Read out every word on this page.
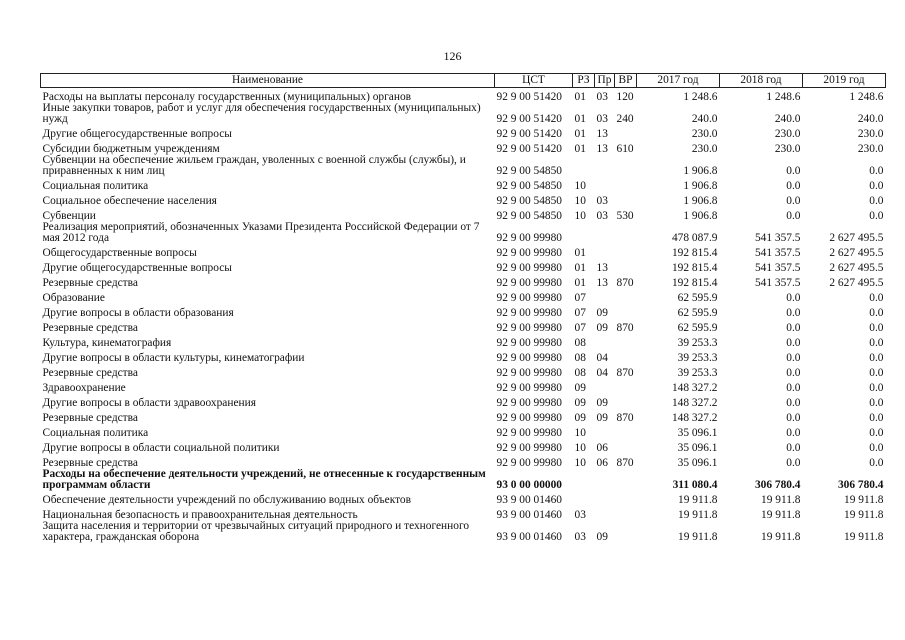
126
Наименование	ЦСТ	РЗ	Пр	ВР	2017 год	2018 год	2019 год
Расходы на выплаты персоналу государственных (муниципальных) органов	92 9 00 51420	01	03	120	1 248.6	1 248.6	1 248.6
Иные закупки товаров, работ и услуг для обеспечения государственных (муниципальных) нужд	92 9 00 51420	01	03	240	240.0	240.0	240.0
Другие общегосударственные вопросы	92 9 00 51420	01	13		230.0	230.0	230.0
Субсидии бюджетным учреждениям	92 9 00 51420	01	13	610	230.0	230.0	230.0
Субвенции на обеспечение жильем граждан, уволенных с военной службы (службы), и приравненных к ним лиц	92 9 00 54850				1 906.8	0.0	0.0
Социальная политика	92 9 00 54850	10			1 906.8	0.0	0.0
Социальное обеспечение населения	92 9 00 54850	10	03		1 906.8	0.0	0.0
Субвенции	92 9 00 54850	10	03	530	1 906.8	0.0	0.0
Реализация мероприятий, обозначенных Указами Президента Российской Федерации от 7 мая 2012 года	92 9 00 99980				478 087.9	541 357.5	2 627 495.5
Общегосударственные вопросы	92 9 00 99980	01			192 815.4	541 357.5	2 627 495.5
Другие общегосударственные вопросы	92 9 00 99980	01	13		192 815.4	541 357.5	2 627 495.5
Резервные средства	92 9 00 99980	01	13	870	192 815.4	541 357.5	2 627 495.5
Образование	92 9 00 99980	07			62 595.9	0.0	0.0
Другие вопросы в области образования	92 9 00 99980	07	09		62 595.9	0.0	0.0
Резервные средства	92 9 00 99980	07	09	870	62 595.9	0.0	0.0
Культура, кинематография	92 9 00 99980	08			39 253.3	0.0	0.0
Другие вопросы в области культуры, кинематографии	92 9 00 99980	08	04		39 253.3	0.0	0.0
Резервные средства	92 9 00 99980	08	04	870	39 253.3	0.0	0.0
Здравоохранение	92 9 00 99980	09			148 327.2	0.0	0.0
Другие вопросы в области здравоохранения	92 9 00 99980	09	09		148 327.2	0.0	0.0
Резервные средства	92 9 00 99980	09	09	870	148 327.2	0.0	0.0
Социальная политика	92 9 00 99980	10			35 096.1	0.0	0.0
Другие вопросы в области социальной политики	92 9 00 99980	10	06		35 096.1	0.0	0.0
Резервные средства	92 9 00 99980	10	06	870	35 096.1	0.0	0.0
Расходы на обеспечение деятельности учреждений, не отнесенные к государственным программам области	93 0 00 00000				311 080.4	306 780.4	306 780.4
Обеспечение деятельности учреждений по обслуживанию водных объектов	93 9 00 01460				19 911.8	19 911.8	19 911.8
Национальная безопасность и правоохранительная деятельность	93 9 00 01460	03			19 911.8	19 911.8	19 911.8
Защита населения и территории от чрезвычайных ситуаций природного и техногенного характера, гражданская оборона	93 9 00 01460	03	09		19 911.8	19 911.8	19 911.8
